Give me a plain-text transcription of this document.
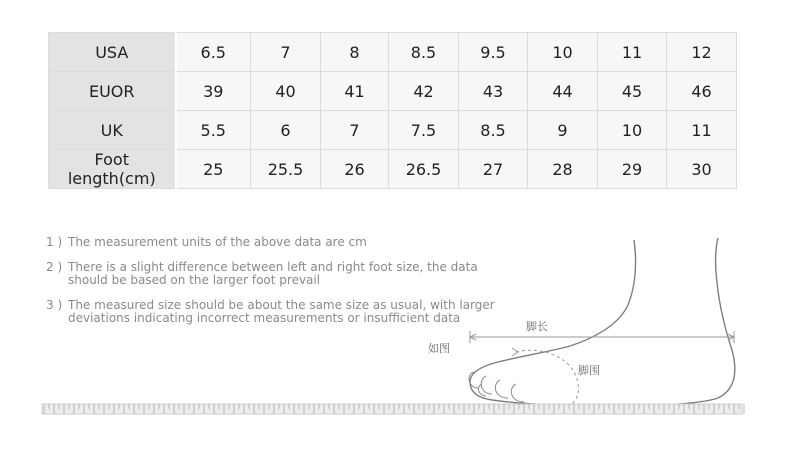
USA	6.5	7	8	8.5	9.5	10	11	12
EUOR	39	40	41	42	43	44	45	46
UK	5.5	6	7	7.5	8.5	9	10	11
Foot length(cm)	25	25.5	26	26.5	27	28	29	30
1 ) The measurement units of the above data are cm
2 ) There is a slight difference between left and right foot size, the data should be based on the larger foot prevail
3 ) The measured size should be about the same size as usual, with larger deviations indicating incorrect measurements or insufficient data
脚长
如图
脚围
